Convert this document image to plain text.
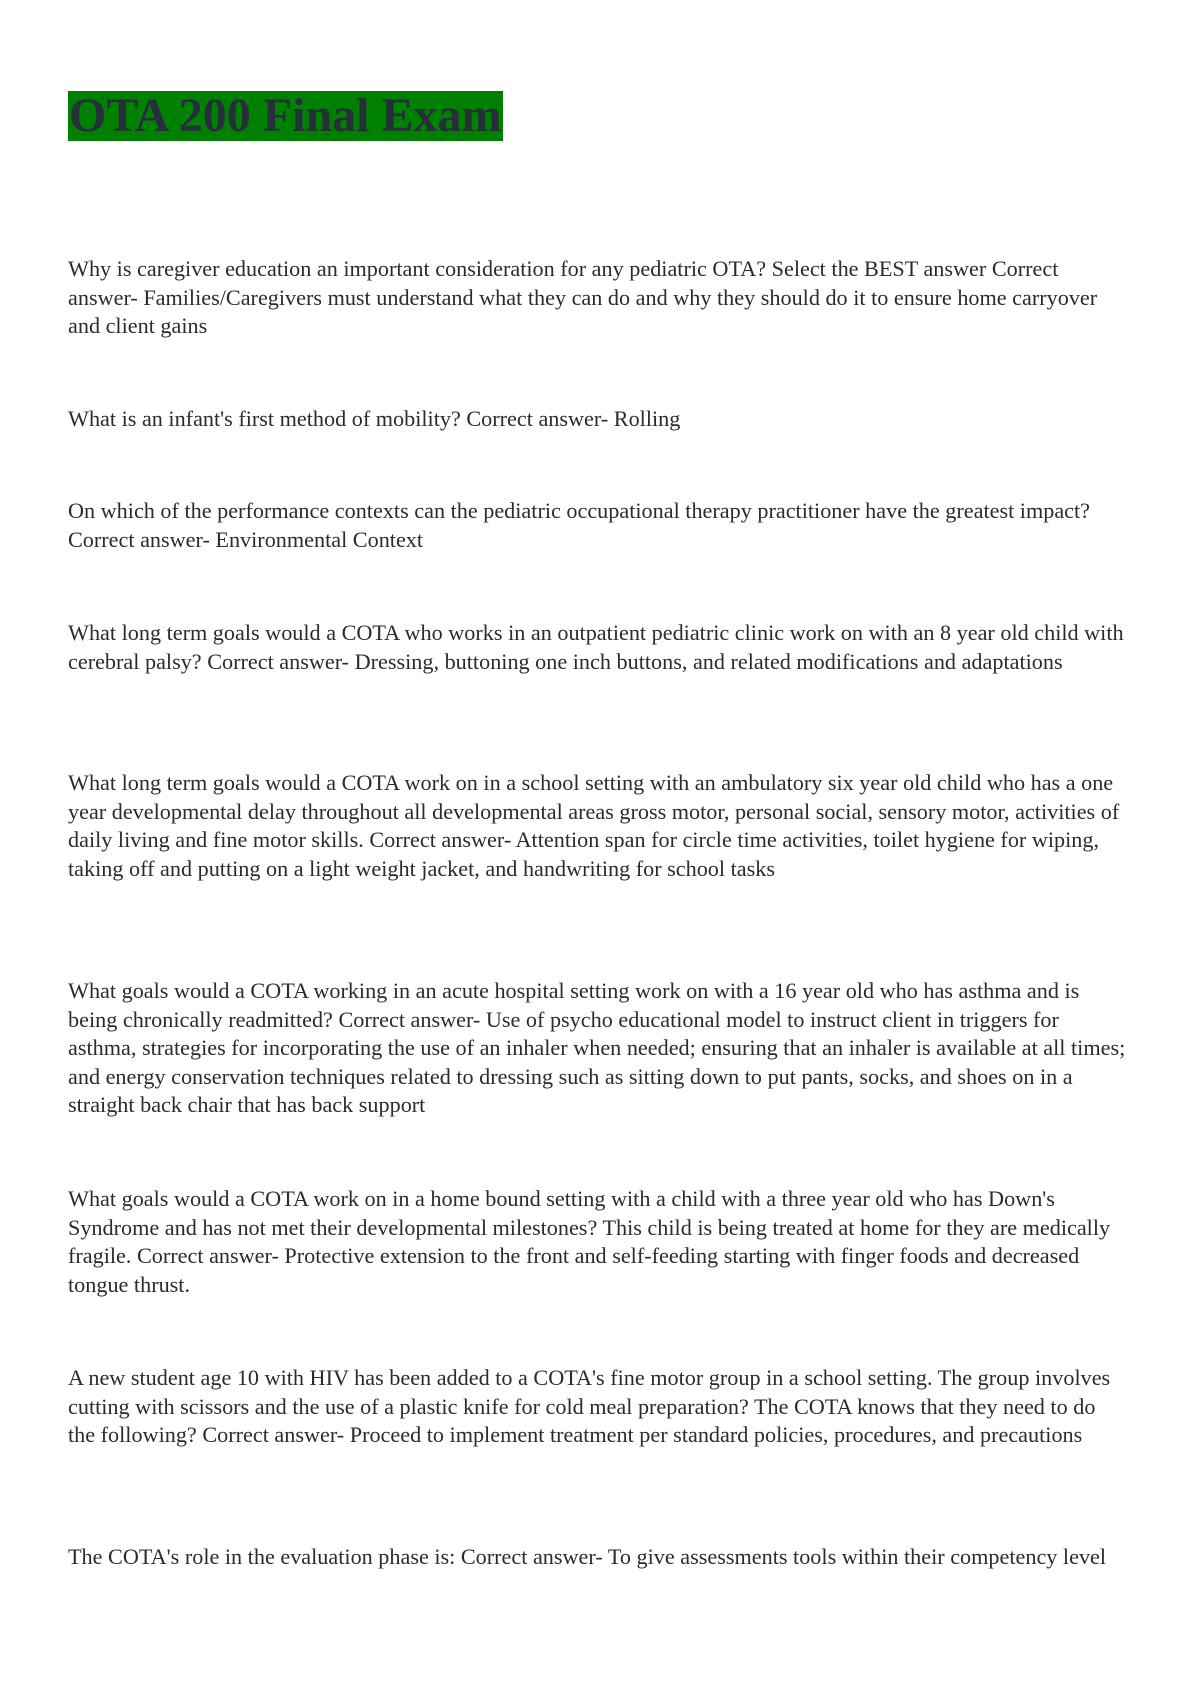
OTA 200 Final Exam

Why is caregiver education an important consideration for any pediatric OTA? Select the BEST answer Correct answer- Families/Caregivers must understand what they can do and why they should do it to ensure home carryover and client gains

What is an infant's first method of mobility? Correct answer- Rolling

On which of the performance contexts can the pediatric occupational therapy practitioner have the greatest impact? Correct answer- Environmental Context

What long term goals would a COTA who works in an outpatient pediatric clinic work on with an 8 year old child with cerebral palsy? Correct answer- Dressing, buttoning one inch buttons, and related modifications and adaptations

What long term goals would a COTA work on in a school setting with an ambulatory six year old child who has a one year developmental delay throughout all developmental areas gross motor, personal social, sensory motor, activities of daily living and fine motor skills. Correct answer- Attention span for circle time activities, toilet hygiene for wiping, taking off and putting on a light weight jacket, and handwriting for school tasks

What goals would a COTA working in an acute hospital setting work on with a 16 year old who has asthma and is being chronically readmitted? Correct answer- Use of psycho educational model to instruct client in triggers for asthma, strategies for incorporating the use of an inhaler when needed; ensuring that an inhaler is available at all times; and energy conservation techniques related to dressing such as sitting down to put pants, socks, and shoes on in a straight back chair that has back support

What goals would a COTA work on in a home bound setting with a child with a three year old who has Down's Syndrome and has not met their developmental milestones? This child is being treated at home for they are medically fragile. Correct answer- Protective extension to the front and self-feeding starting with finger foods and decreased tongue thrust.

A new student age 10 with HIV has been added to a COTA's fine motor group in a school setting. The group involves cutting with scissors and the use of a plastic knife for cold meal preparation? The COTA knows that they need to do the following? Correct answer- Proceed to implement treatment per standard policies, procedures, and precautions

The COTA's role in the evaluation phase is: Correct answer- To give assessments tools within their competency level
